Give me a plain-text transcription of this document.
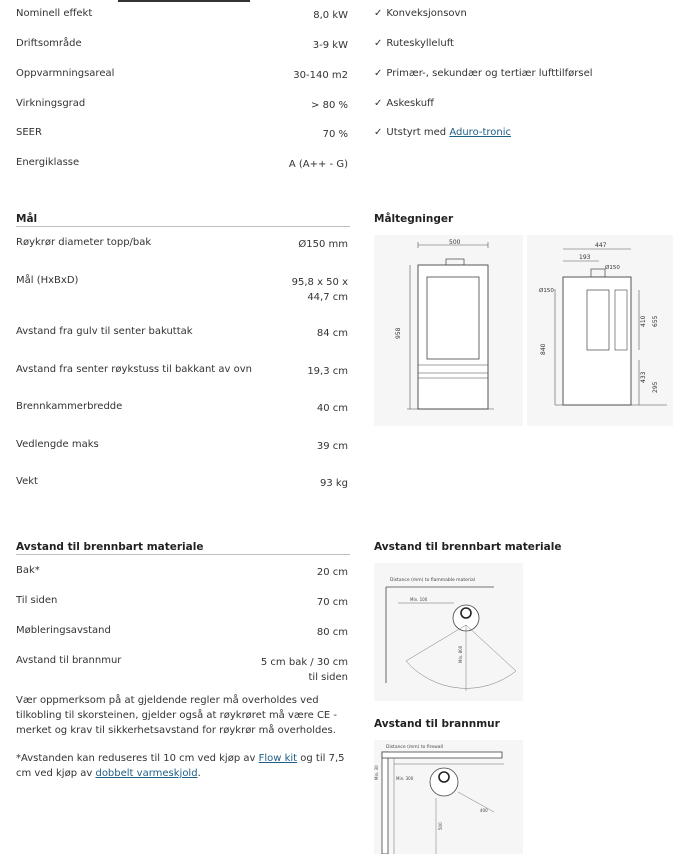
Nominell effekt	8,0 kW
Driftsområde	3-9 kW
Oppvarmningsareal	30-140 m2
Virkningsgrad	> 80 %
SEER	70 %
Energiklasse	A (A++ - G)
✓ Konveksjonsovn
✓ Ruteskylleluft
✓ Primær-, sekundær og tertiær lufttilførsel
✓ Askeskuff
✓ Utstyrt med Aduro-tronic
Mål
Røykrør diameter topp/bak	Ø150 mm
Mål (HxBxD)	95,8 x 50 x
44,7 cm
Avstand fra gulv til senter bakuttak	84 cm
Avstand fra senter røykstuss til bakkant av ovn	19,3 cm
Brennkammerbredde	40 cm
Vedlengde maks	39 cm
Vekt	93 kg
Måltegninger
500
958
447
193
Ø150
Ø150
840
410 655
433
295
Avstand til brennbart materiale
Bak*	20 cm
Til siden	70 cm
Møbleringsavstand	80 cm
Avstand til brannmur	5 cm bak / 30 cm
til siden
Vær oppmerksom på at gjeldende regler må overholdes ved tilkobling til skorsteinen, gjelder også at røykrøret må være CE -merket og krav til sikkerhetsavstand for røykrør må overholdes.
*Avstanden kan reduseres til 10 cm ved kjøp av Flow kit og til 7,5 cm ved kjøp av dobbelt varmeskjold.
Avstand til brennbart materiale
Distance (mm) to flammable material
Min. 100
Min. 800
Avstand til brannmur
Distance (mm) to firewall
Min. 30	Min. 300
400
500
